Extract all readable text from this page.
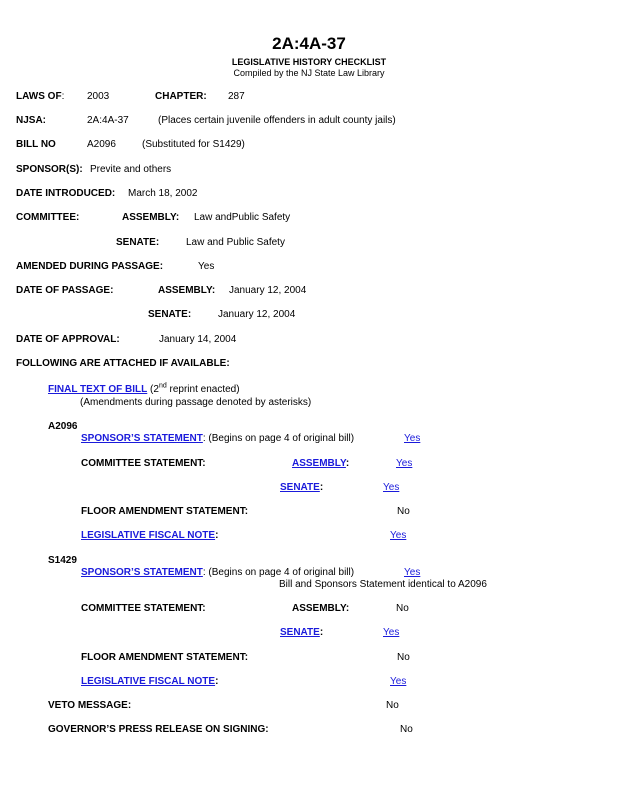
2A:4A-37
LEGISLATIVE HISTORY CHECKLIST
Compiled by the NJ State Law Library
LAWS OF: 2003	CHAPTER: 287
NJSA:	2A:4A-37	(Places certain juvenile offenders in adult county jails)
BILL NO	A2096	(Substituted for S1429)
SPONSOR(S): Previte and others
DATE INTRODUCED: March 18, 2002
COMMITTEE:	ASSEMBLY: Law andPublic Safety
SENATE:	Law and Public Safety
AMENDED DURING PASSAGE:	Yes
DATE OF PASSAGE:	ASSEMBLY: January 12, 2004
SENATE:	January 12, 2004
DATE OF APPROVAL:	January 14, 2004
FOLLOWING ARE ATTACHED IF AVAILABLE:
FINAL TEXT OF BILL (2nd reprint enacted)
(Amendments during passage denoted by asterisks)
A2096
SPONSOR’S STATEMENT: (Begins on page 4 of original bill)	Yes
COMMITTEE STATEMENT:	ASSEMBLY:	Yes
SENATE:	Yes
FLOOR AMENDMENT STATEMENT:	No
LEGISLATIVE FISCAL NOTE:	Yes
S1429
SPONSOR’S STATEMENT: (Begins on page 4 of original bill)	Yes
Bill and Sponsors Statement identical to A2096
COMMITTEE STATEMENT:	ASSEMBLY:	No
SENATE:	Yes
FLOOR AMENDMENT STATEMENT:	No
LEGISLATIVE FISCAL NOTE:	Yes
VETO MESSAGE:	No
GOVERNOR’S PRESS RELEASE ON SIGNING:	No
